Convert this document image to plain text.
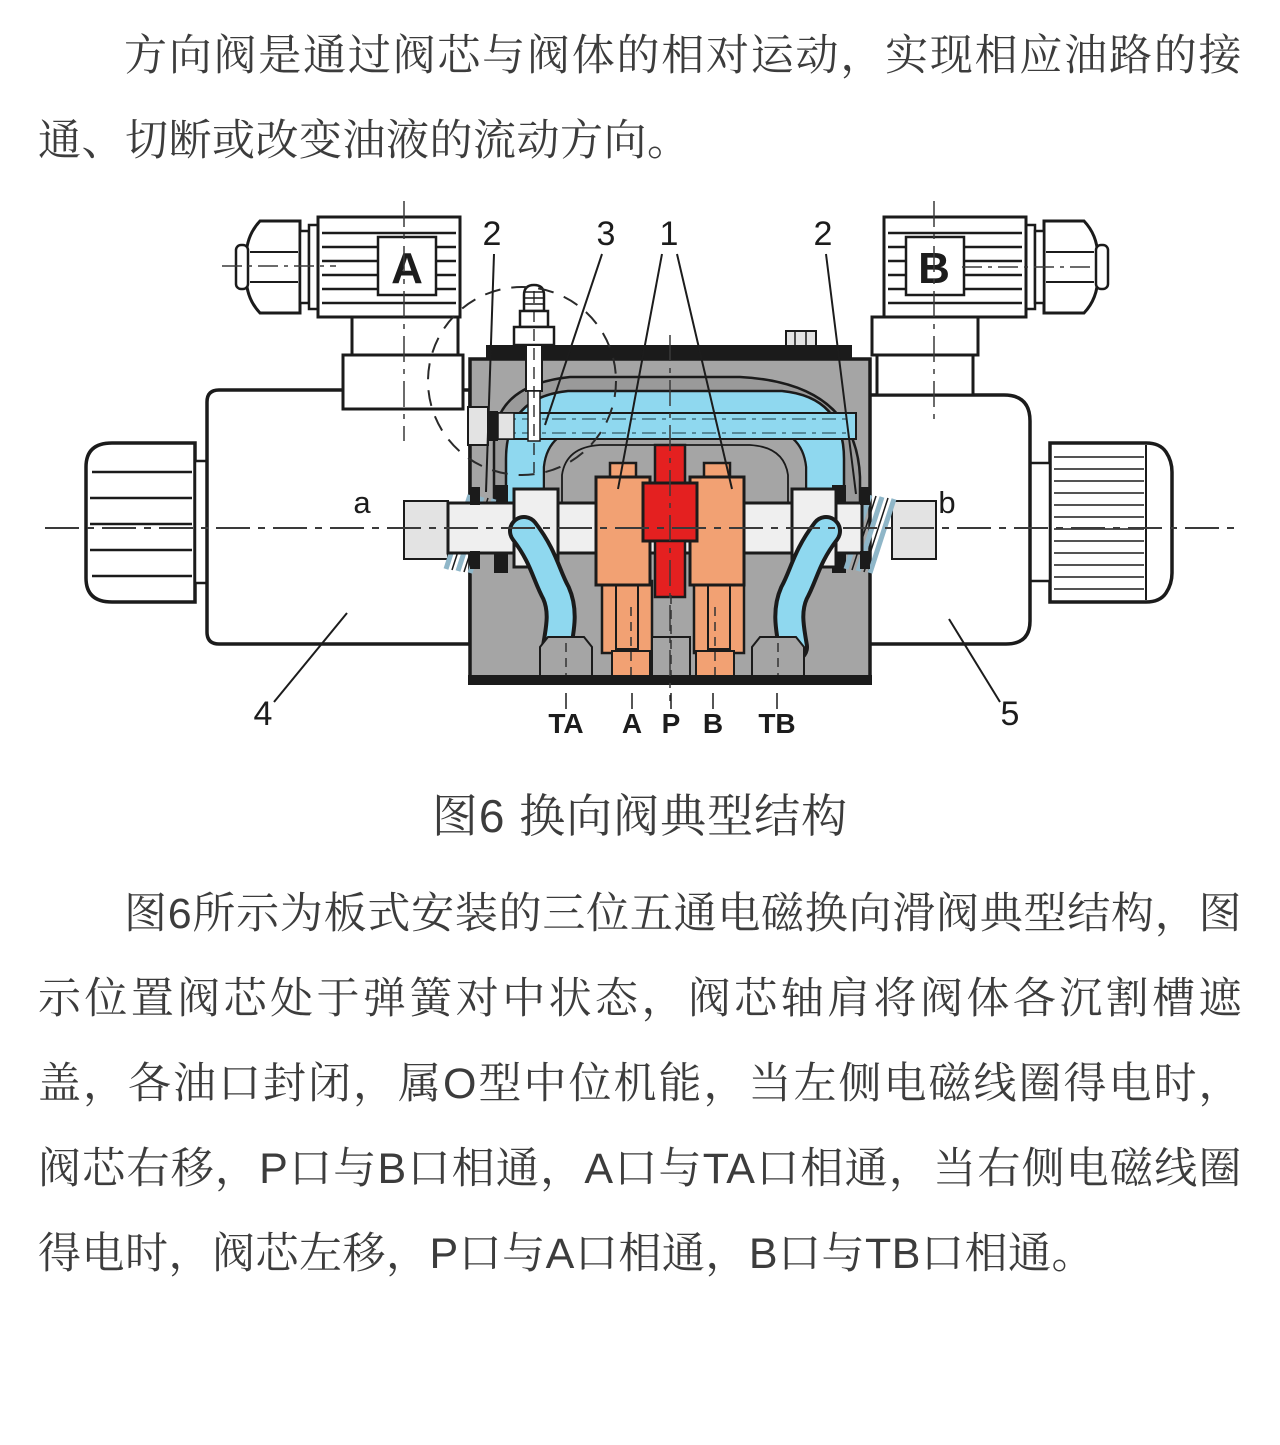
方向阀是通过阀芯与阀体的相对运动，实现相应油路的接通、切断或改变油液的流动方向。

A	B
2	3 1	2
4	5
a	b
TA A P B TB
图6 换向阀典型结构

图6所示为板式安装的三位五通电磁换向滑阀典型结构，图示位置阀芯处于弹簧对中状态，阀芯轴肩将阀体各沉割槽遮盖，各油口封闭，属O型中位机能，当左侧电磁线圈得电时，阀芯右移，P口与B口相通，A口与TA口相通，当右侧电磁线圈得电时，阀芯左移，P口与A口相通，B口与TB口相通。
